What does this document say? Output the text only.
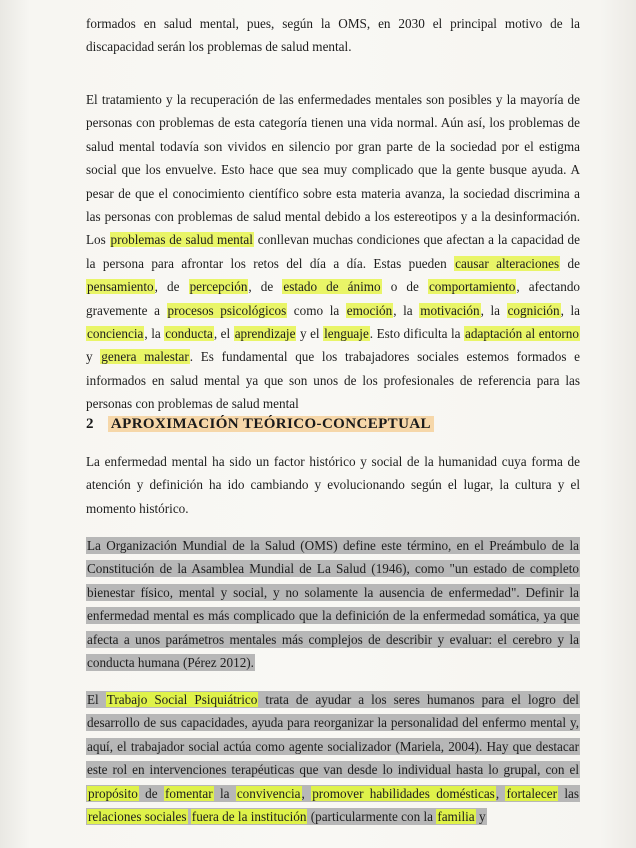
formados en salud mental, pues, según la OMS, en 2030 el principal motivo de la discapacidad serán los problemas de salud mental.

El tratamiento y la recuperación de las enfermedades mentales son posibles y la mayoría de personas con problemas de esta categoría tienen una vida normal. Aún así, los problemas de salud mental todavía son vividos en silencio por gran parte de la sociedad por el estigma social que los envuelve. Esto hace que sea muy complicado que la gente busque ayuda. A pesar de que el conocimiento científico sobre esta materia avanza, la sociedad discrimina a las personas con problemas de salud mental debido a los estereotipos y a la desinformación. Los problemas de salud mental conllevan muchas condiciones que afectan a la capacidad de la persona para afrontar los retos del día a día. Estas pueden causar alteraciones de pensamiento, de percepción, de estado de ánimo o de comportamiento, afectando gravemente a procesos psicológicos como la emoción, la motivación, la cognición, la conciencia, la conducta, el aprendizaje y el lenguaje. Esto dificulta la adaptación al entorno y genera malestar. Es fundamental que los trabajadores sociales estemos formados e informados en salud mental ya que son unos de los profesionales de referencia para las personas con problemas de salud mental

2 APROXIMACIÓN TEÓRICO-CONCEPTUAL

La enfermedad mental ha sido un factor histórico y social de la humanidad cuya forma de atención y definición ha ido cambiando y evolucionando según el lugar, la cultura y el momento histórico.

La Organización Mundial de la Salud (OMS) define este término, en el Preámbulo de la Constitución de la Asamblea Mundial de La Salud (1946), como "un estado de completo bienestar físico, mental y social, y no solamente la ausencia de enfermedad". Definir la enfermedad mental es más complicado que la definición de la enfermedad somática, ya que afecta a unos parámetros mentales más complejos de describir y evaluar: el cerebro y la conducta humana (Pérez 2012).

El Trabajo Social Psiquiátrico trata de ayudar a los seres humanos para el logro del desarrollo de sus capacidades, ayuda para reorganizar la personalidad del enfermo mental y, aquí, el trabajador social actúa como agente socializador (Mariela, 2004). Hay que destacar este rol en intervenciones terapéuticas que van desde lo individual hasta lo grupal, con el propósito de fomentar la convivencia, promover habilidades domésticas, fortalecer las relaciones sociales fuera de la institución (particularmente con la familia y
